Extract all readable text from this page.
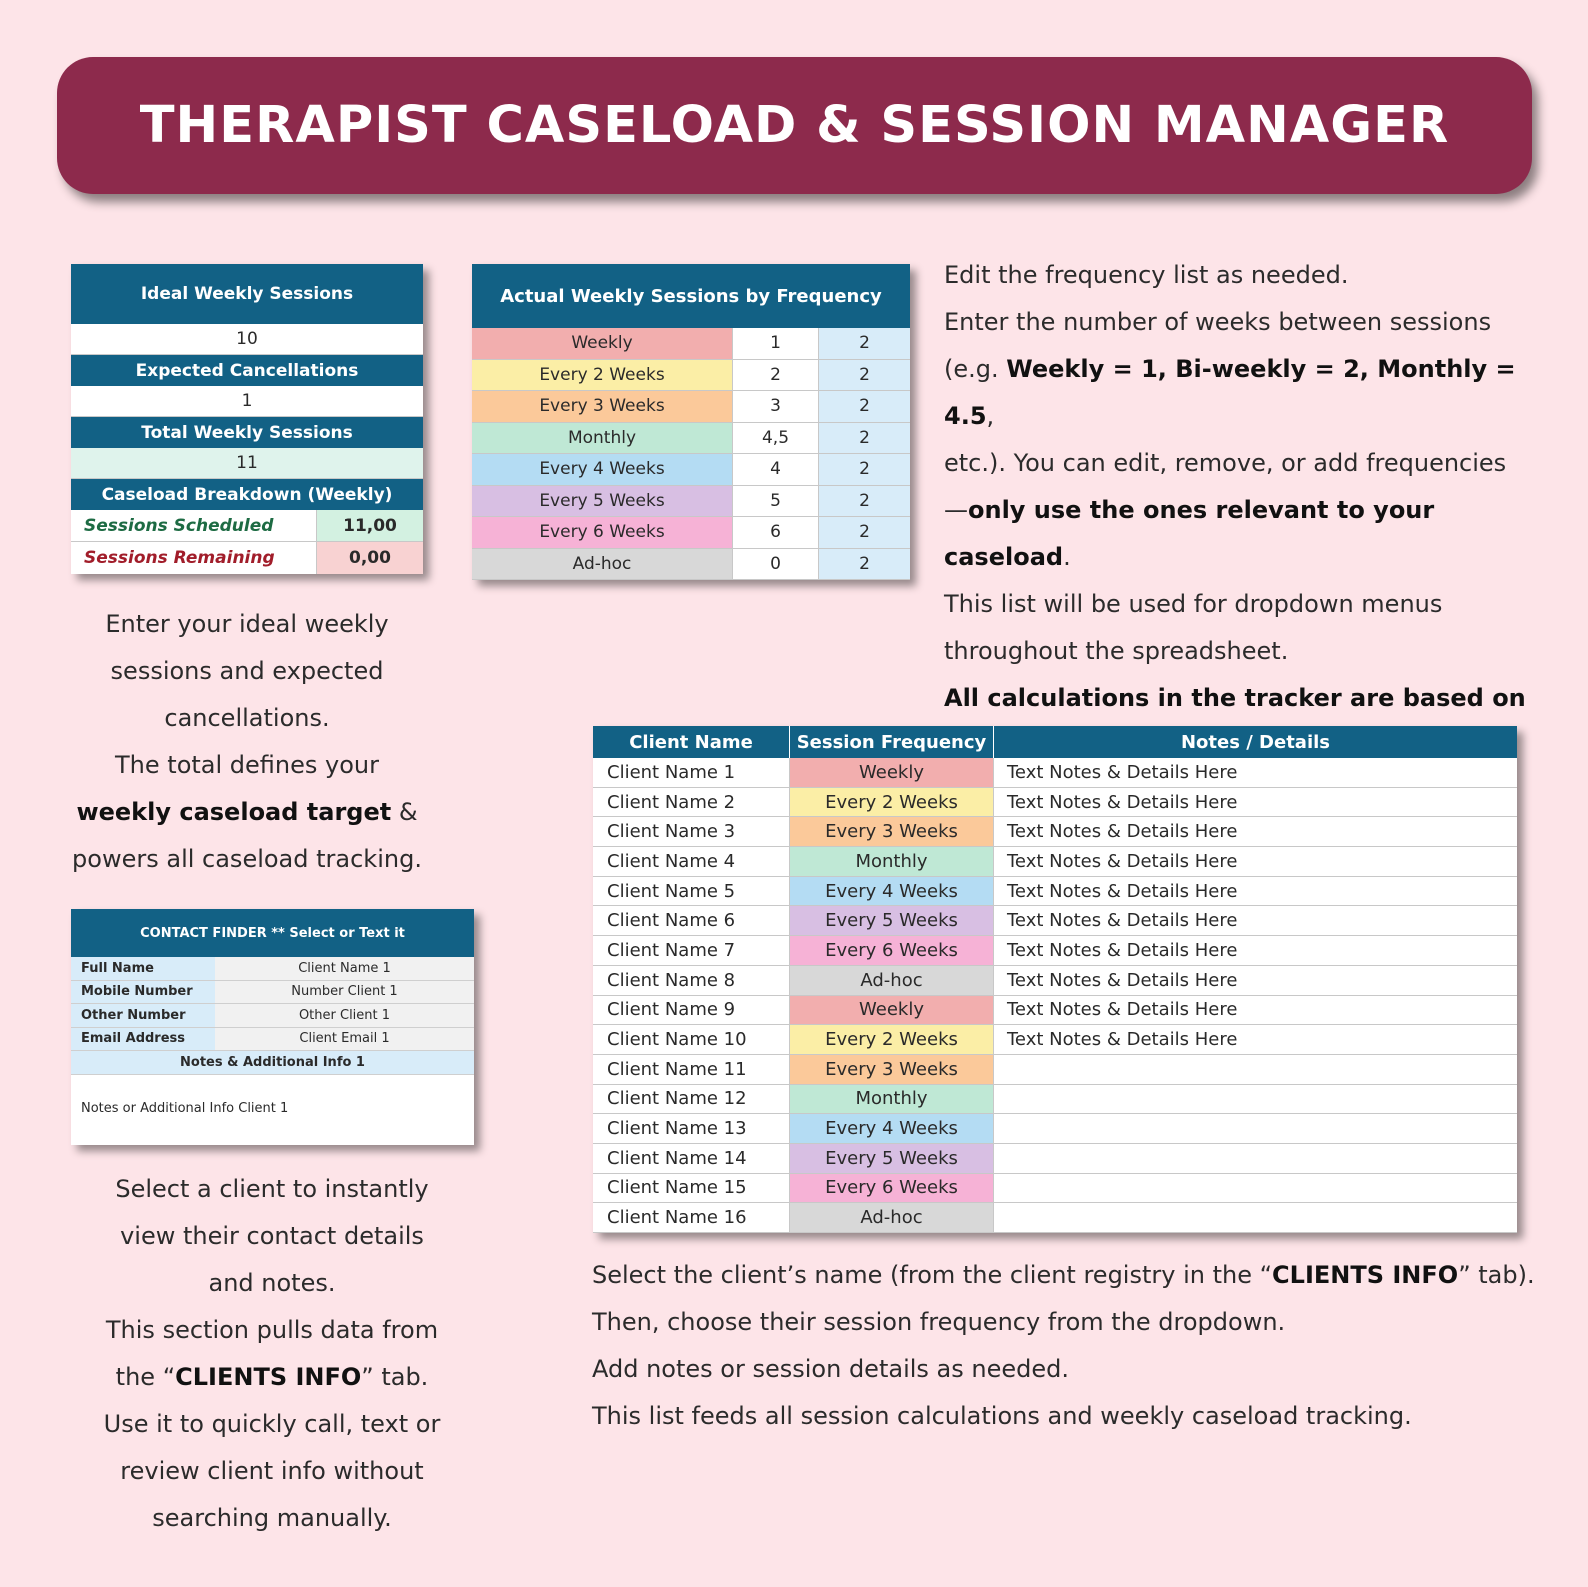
THERAPIST CASELOAD & SESSION MANAGER
Ideal Weekly Sessions
10
Expected Cancellations
1
Total Weekly Sessions
11
Caseload Breakdown (Weekly)
Sessions Scheduled	11,00
Sessions Remaining	0,00
Actual Weekly Sessions by Frequency
Weekly	1	2
Every 2 Weeks	2	2
Every 3 Weeks	3	2
Monthly	4,5	2
Every 4 Weeks	4	2
Every 5 Weeks	5	2
Every 6 Weeks	6	2
Ad-hoc	0	2
Edit the frequency list as needed.
Enter the number of weeks between sessions
(e.g. Weekly = 1, Bi-weekly = 2, Monthly = 4.5,
etc.). You can edit, remove, or add frequencies
—only use the ones relevant to your caseload.
This list will be used for dropdown menus
throughout the spreadsheet.
All calculations in the tracker are based on
Enter your ideal weekly
sessions and expected
cancellations.
The total defines your
weekly caseload target &
powers all caseload tracking.
CONTACT FINDER ** Select or Text it
Full Name	Client Name 1
Mobile Number	Number Client 1
Other Number	Other Client 1
Email Address	Client Email 1
Notes & Additional Info 1
Notes or Additional Info Client 1
Select a client to instantly
view their contact details
and notes.
This section pulls data from
the “CLIENTS INFO” tab.
Use it to quickly call, text or
review client info without
searching manually.
Client Name	Session Frequency	Notes / Details
Client Name 1	Weekly	Text Notes & Details Here
Client Name 2	Every 2 Weeks	Text Notes & Details Here
Client Name 3	Every 3 Weeks	Text Notes & Details Here
Client Name 4	Monthly	Text Notes & Details Here
Client Name 5	Every 4 Weeks	Text Notes & Details Here
Client Name 6	Every 5 Weeks	Text Notes & Details Here
Client Name 7	Every 6 Weeks	Text Notes & Details Here
Client Name 8	Ad-hoc	Text Notes & Details Here
Client Name 9	Weekly	Text Notes & Details Here
Client Name 10	Every 2 Weeks	Text Notes & Details Here
Client Name 11	Every 3 Weeks
Client Name 12	Monthly
Client Name 13	Every 4 Weeks
Client Name 14	Every 5 Weeks
Client Name 15	Every 6 Weeks
Client Name 16	Ad-hoc
Select the client’s name (from the client registry in the “CLIENTS INFO” tab).
Then, choose their session frequency from the dropdown.
Add notes or session details as needed.
This list feeds all session calculations and weekly caseload tracking.
